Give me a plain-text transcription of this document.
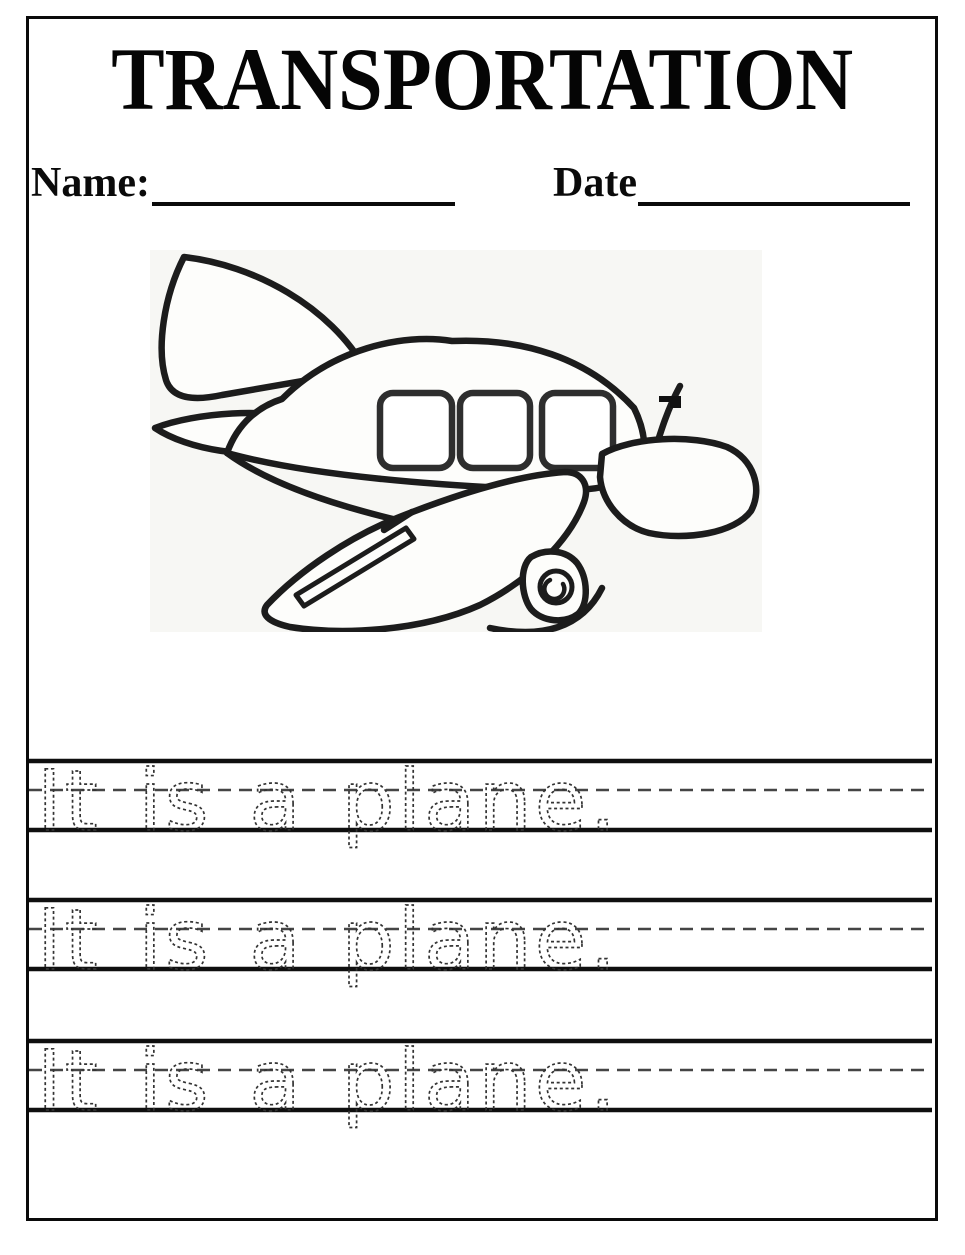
TRANSPORTATION
Name:	Date
It is a plane.
It is a plane.
It is a plane.
